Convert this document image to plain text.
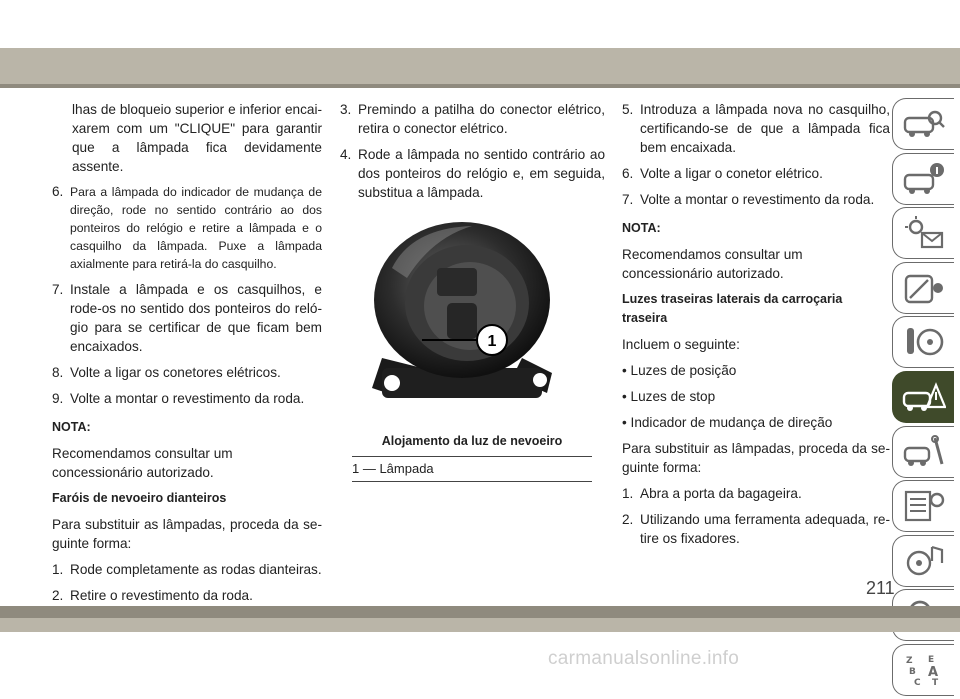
lhas de bloqueio superior e inferior encaixarem com um "CLIQUE" para garantir que a lâmpada fica devidamente assente.

6. Para a lâmpada do indicador de mudança de direção, rode no sentido contrário ao dos ponteiros do relógio e retire a lâmpada e o casquilho da lâmpada. Puxe a lâmpada axialmente para retirá-la do casquilho.
7. Instale a lâmpada e os casquilhos, e rode-os no sentido dos ponteiros do relógio para se certificar de que ficam bem encaixados.
8. Volte a ligar os conetores elétricos.
9. Volte a montar o revestimento da roda.

NOTA:

Recomendamos consultar um concessionário autorizado.

Faróis de nevoeiro dianteiros

Para substituir as lâmpadas, proceda da seguinte forma:

1. Rode completamente as rodas dianteiras.
2. Retire o revestimento da roda.
3. Premindo a patilha do conector elétrico, retira o conector elétrico.
4. Rode a lâmpada no sentido contrário ao dos ponteiros do relógio e, em seguida, substitua a lâmpada.
1
Alojamento da luz de nevoeiro
1 — Lâmpada
5. Introduza a lâmpada nova no casquilho, certificando-se de que a lâmpada fica bem encaixada.
6. Volte a ligar o conetor elétrico.
7. Volte a montar o revestimento da roda.

NOTA:

Recomendamos consultar um concessionário autorizado.

Luzes traseiras laterais da carroçaria traseira

Incluem o seguinte:

• Luzes de posição

• Luzes de stop

• Indicador de mudança de direção

Para substituir as lâmpadas, proceda da seguinte forma:

1. Abra a porta da bagageira.
2. Utilizando uma ferramenta adequada, retire os fixadores.
Z E
B A
C T
211
carmanualsonline.info
